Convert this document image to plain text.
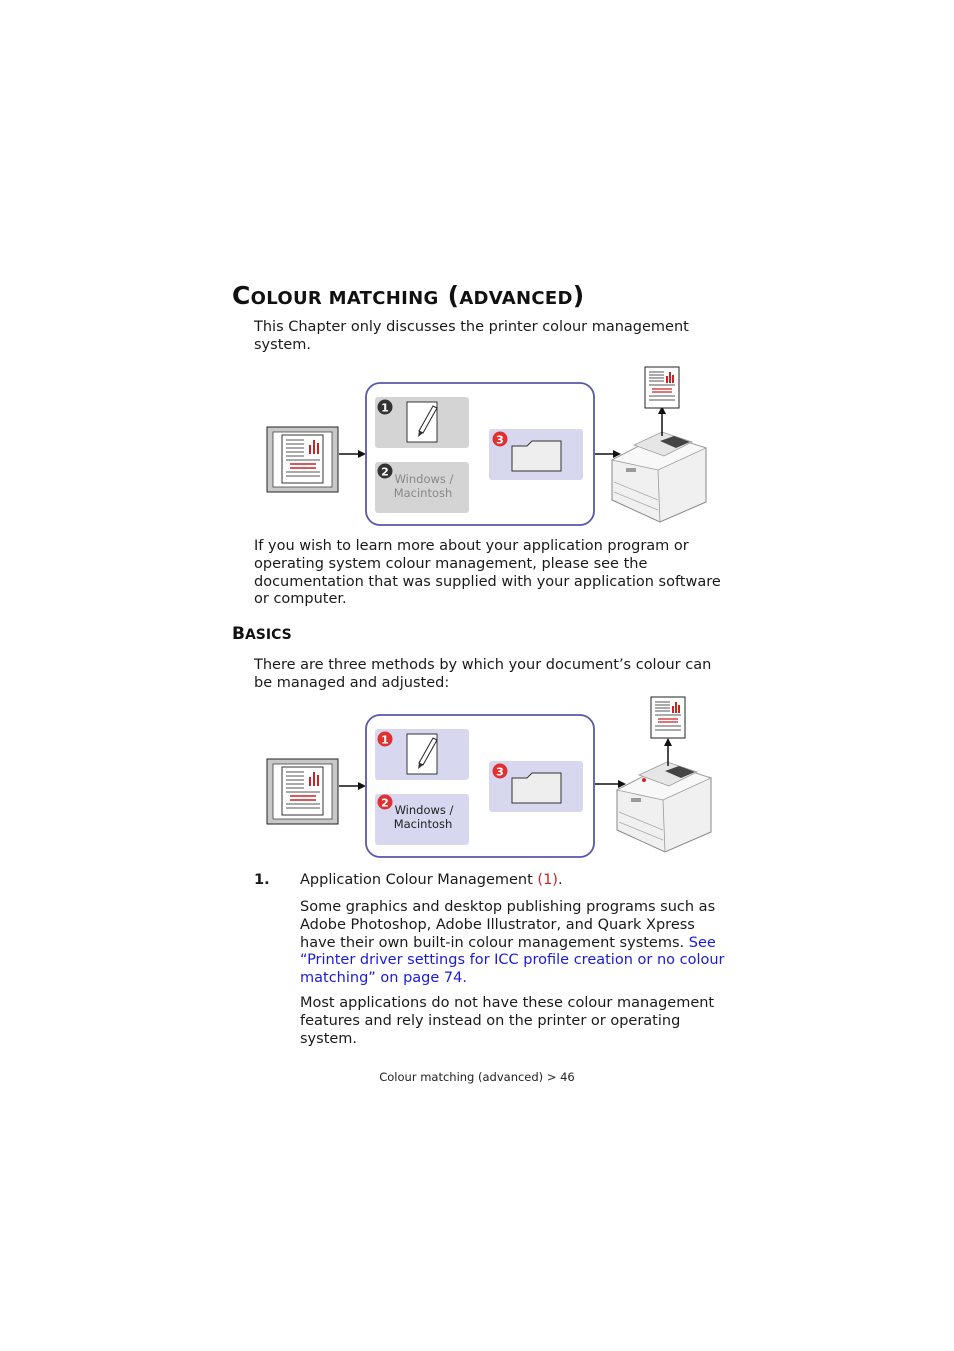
COLOUR MATCHING (ADVANCED)

This Chapter only discusses the printer colour management system.

1
2 Windows /
Macintosh
3

If you wish to learn more about your application program or operating system colour management, please see the documentation that was supplied with your application software or computer.

BASICS

There are three methods by which your document’s colour can be managed and adjusted:

1
2 Windows /
Macintosh
3
1. Application Colour Management (1).

Some graphics and desktop publishing programs such as Adobe Photoshop, Adobe Illustrator, and Quark Xpress have their own built-in colour management systems. See “Printer driver settings for ICC profile creation or no colour matching” on page 74.

Most applications do not have these colour management features and rely instead on the printer or operating system.

Colour matching (advanced) > 46
